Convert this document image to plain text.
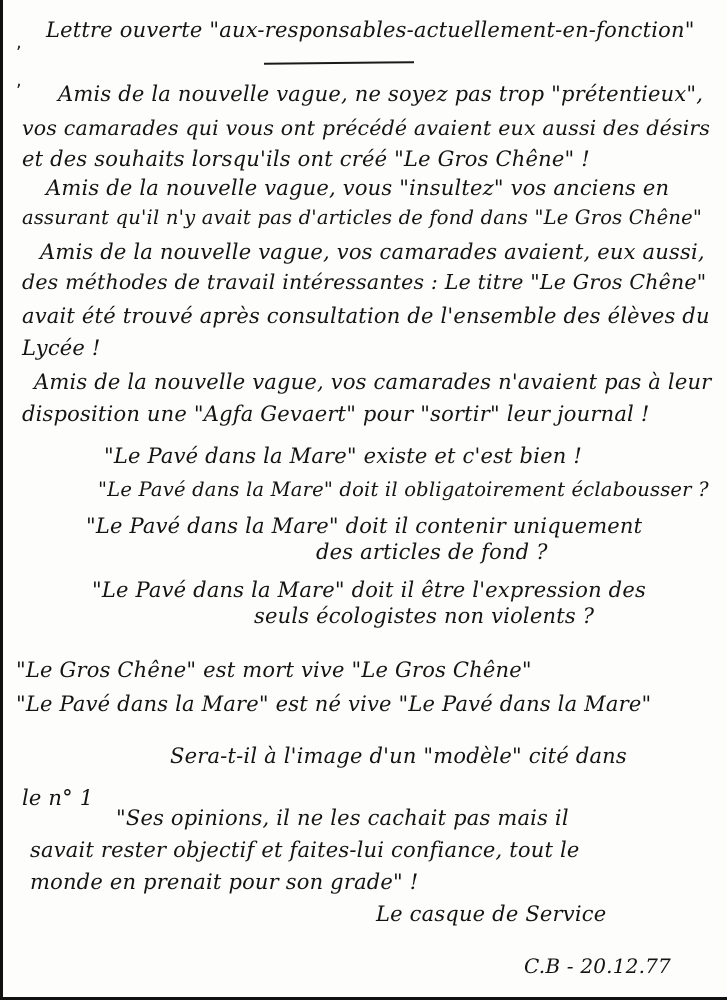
,
,
Lettre ouverte "aux-responsables-actuellement-en-fonction"
Amis de la nouvelle vague, ne soyez pas trop "prétentieux",
vos camarades qui vous ont précédé avaient eux aussi des désirs
et des souhaits lorsqu'ils ont créé "Le Gros Chêne" !
Amis de la nouvelle vague, vous "insultez" vos anciens en
assurant qu'il n'y avait pas d'articles de fond dans "Le Gros Chêne"
Amis de la nouvelle vague, vos camarades avaient, eux aussi,
des méthodes de travail intéressantes : Le titre "Le Gros Chêne"
avait été trouvé après consultation de l'ensemble des élèves du
Lycée !
Amis de la nouvelle vague, vos camarades n'avaient pas à leur
disposition une "Agfa Gevaert" pour "sortir" leur journal !
"Le Pavé dans la Mare" existe et c'est bien !
"Le Pavé dans la Mare" doit il obligatoirement éclabousser ?
"Le Pavé dans la Mare" doit il contenir uniquement
des articles de fond ?
"Le Pavé dans la Mare" doit il être l'expression des
seuls écologistes non violents ?
"Le Gros Chêne" est mort vive "Le Gros Chêne"
"Le Pavé dans la Mare" est né vive "Le Pavé dans la Mare"
Sera-t-il à l'image d'un "modèle" cité dans
le n° 1
"Ses opinions, il ne les cachait pas mais il
savait rester objectif et faites-lui confiance, tout le
monde en prenait pour son grade" !
Le casque de Service
C.B - 20.12.77
